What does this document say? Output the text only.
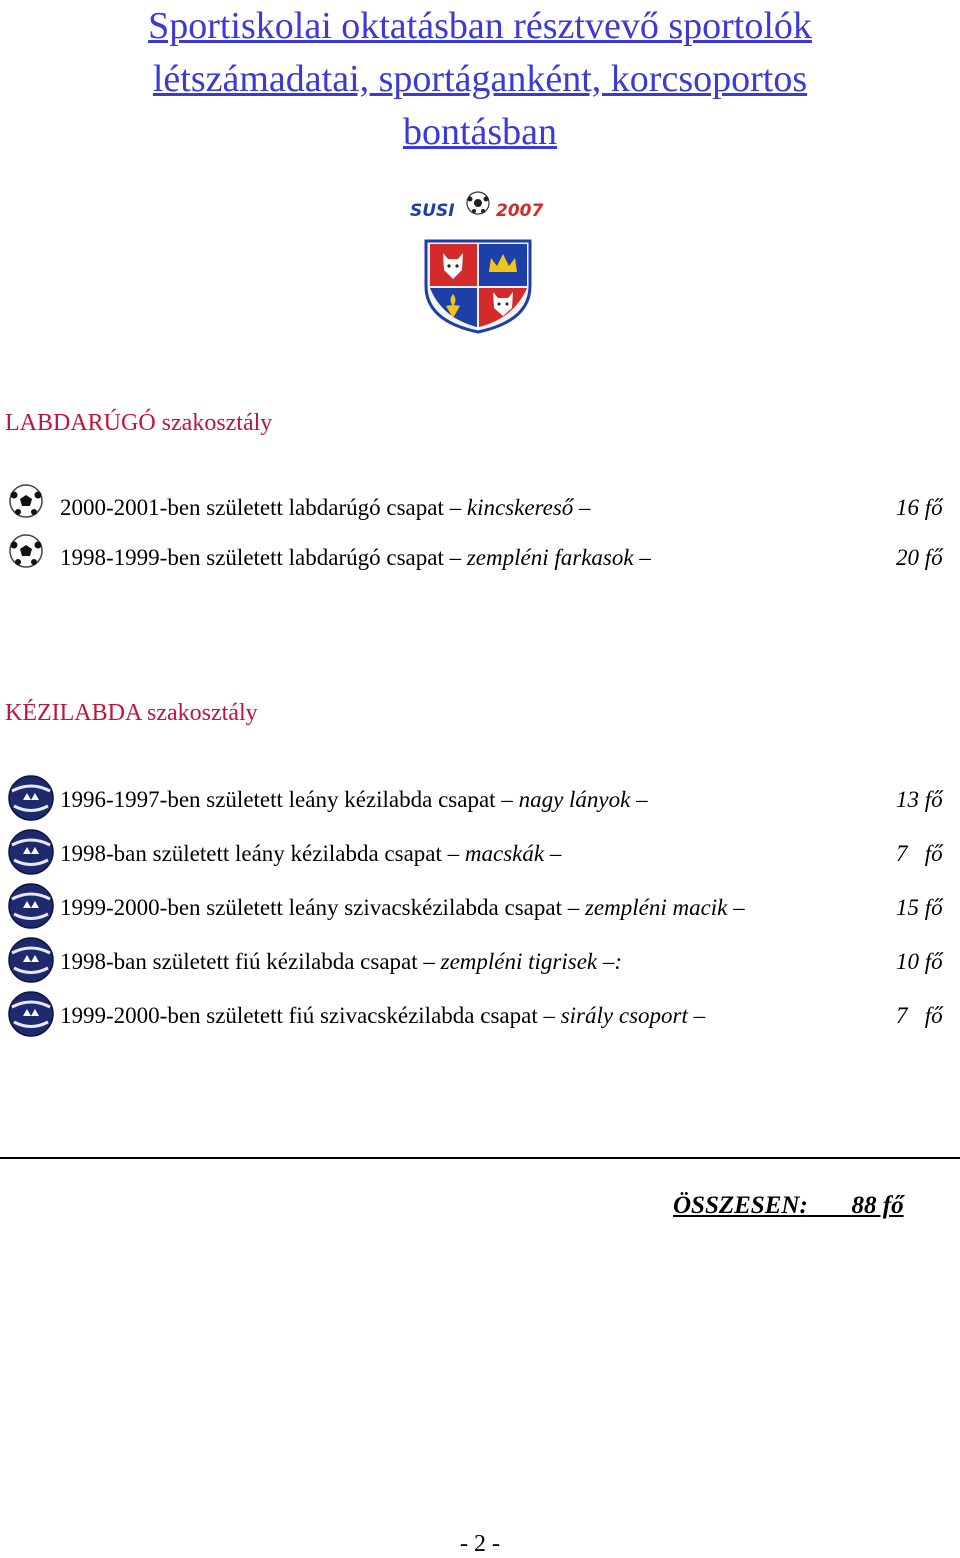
Sportiskolai oktatásban résztvevő sportolók
létszámadatai, sportáganként, korcsoportos
bontásban
SUSI 2007
LABDARÚGÓ szakosztály
2000-2001-ben született labdarúgó csapat – kincskereső –	16 fő
1998-1999-ben született labdarúgó csapat – zempléni farkasok –	20 fő
KÉZILABDA szakosztály
1996-1997-ben született leány kézilabda csapat – nagy lányok –	13 fő
1998-ban született leány kézilabda csapat – macskák –	7   fő
1999-2000-ben született leány szivacskézilabda csapat – zempléni macik –	15 fő
1998-ban született fiú kézilabda csapat – zempléni tigrisek –:	10 fő
1999-2000-ben született fiú szivacskézilabda csapat – sirály csoport –	7   fő
ÖSSZESEN: 88 fő
- 2 -
